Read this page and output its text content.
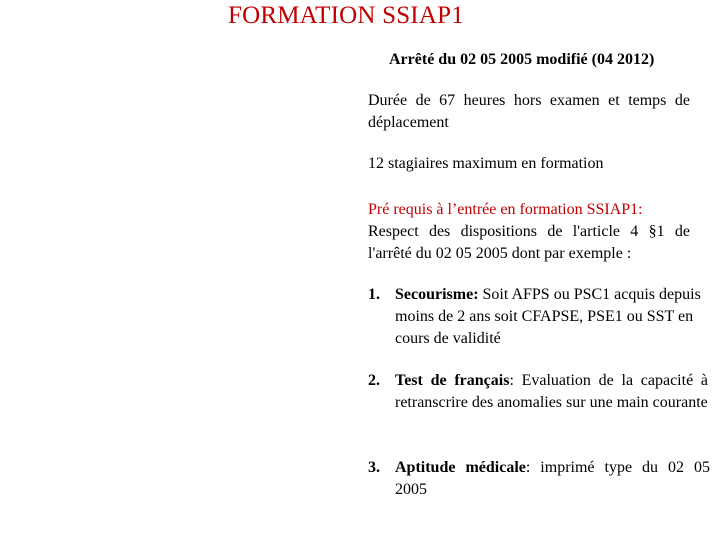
FORMATION SSIAP1
Arrêté du 02 05 2005 modifié (04 2012)
Durée de 67 heures hors examen et temps de déplacement
12 stagiaires maximum en formation
Pré requis à l’entrée en formation SSIAP1:
Respect des dispositions de l'article 4 §1 de l'arrêté du 02 05 2005 dont par exemple :
1. Secourisme: Soit AFPS ou PSC1 acquis depuis moins de 2 ans soit CFAPSE, PSE1 ou SST en cours de validité
2. Test de français: Evaluation de la capacité à retranscrire des anomalies sur une main courante
3. Aptitude médicale: imprimé type du 02 05 2005
